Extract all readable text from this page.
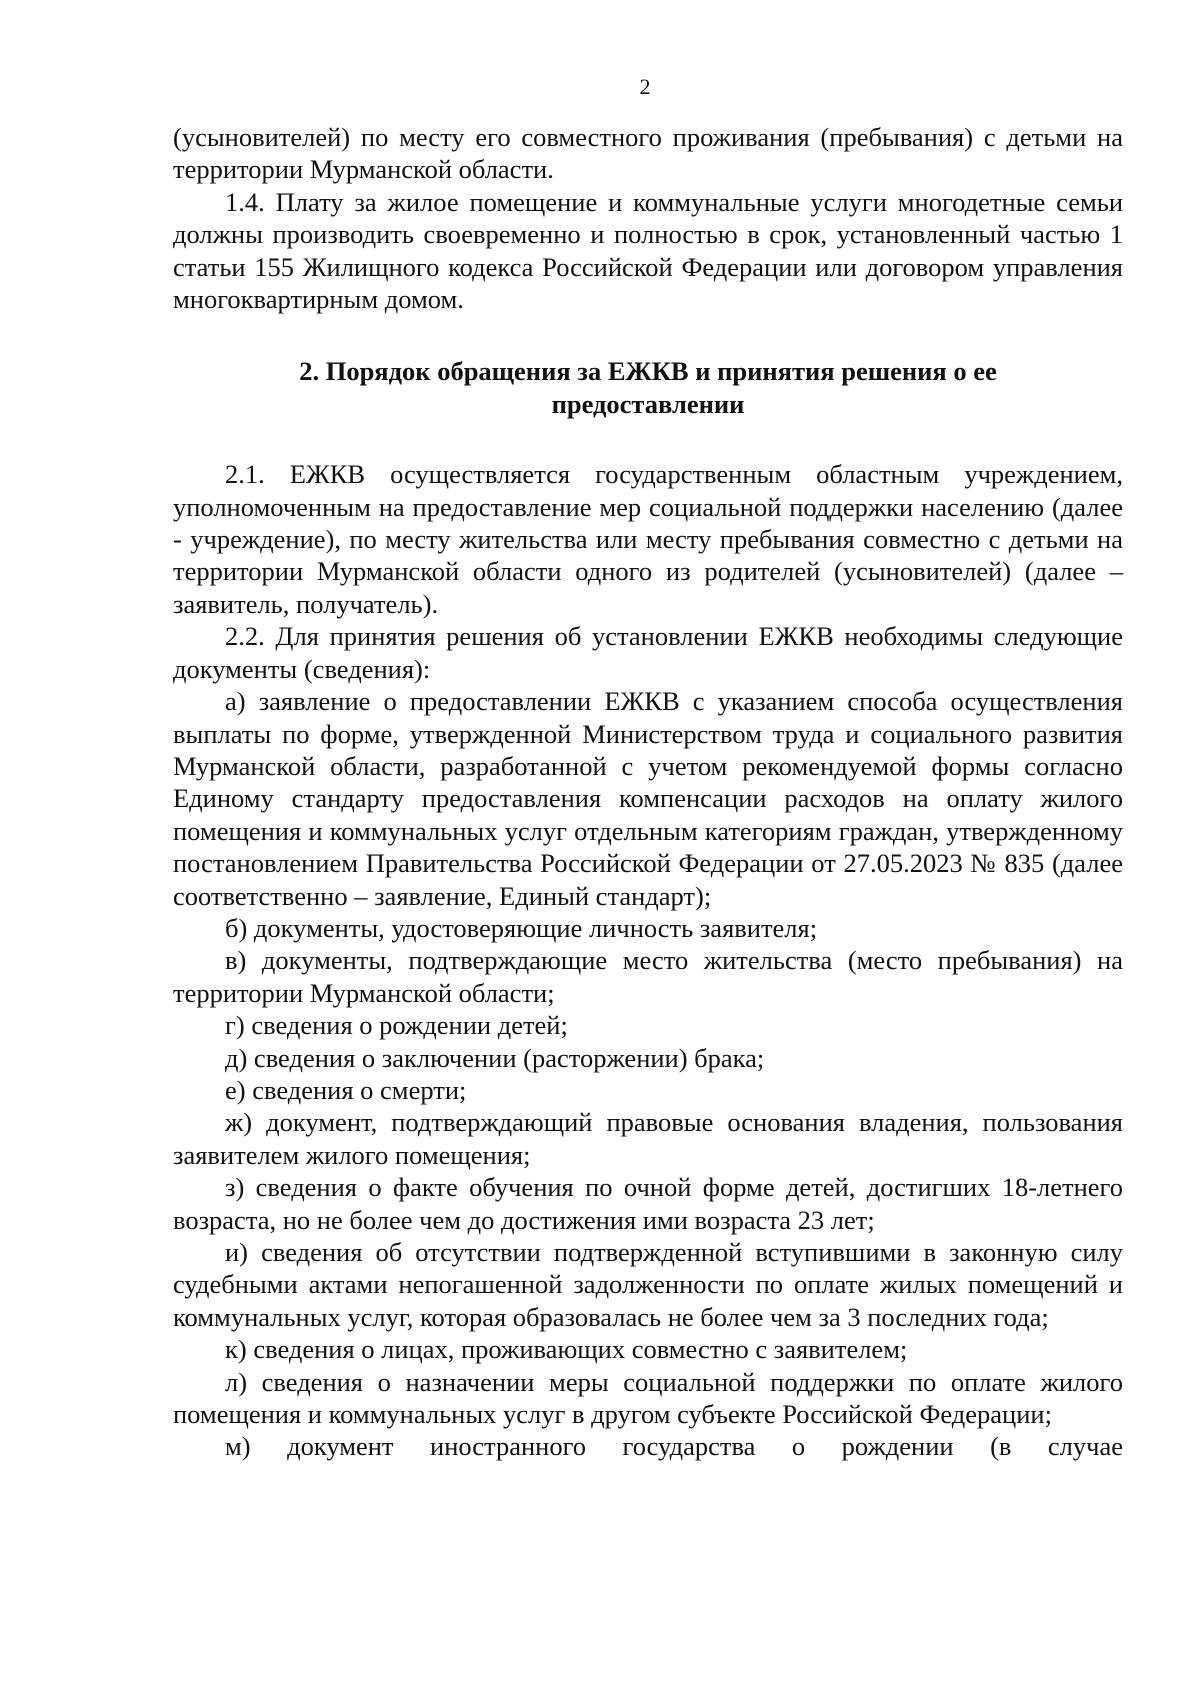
2

(усыновителей) по месту его совместного проживания (пребывания) с детьми на территории Мурманской области.

1.4. Плату за жилое помещение и коммунальные услуги многодетные семьи должны производить своевременно и полностью в срок, установленный частью 1 статьи 155 Жилищного кодекса Российской Федерации или договором управления многоквартирным домом.

2. Порядок обращения за ЕЖКВ и принятия решения о ее
предоставлении

2.1. ЕЖКВ осуществляется государственным областным учреждением, уполномоченным на предоставление мер социальной поддержки населению (далее - учреждение), по месту жительства или месту пребывания совместно с детьми на территории Мурманской области одного из родителей (усыновителей) (далее – заявитель, получатель).

2.2. Для принятия решения об установлении ЕЖКВ необходимы следующие документы (сведения):

а) заявление о предоставлении ЕЖКВ с указанием способа осуществления выплаты по форме, утвержденной Министерством труда и социального развития Мурманской области, разработанной с учетом рекомендуемой формы согласно Единому стандарту предоставления компенсации расходов на оплату жилого помещения и коммунальных услуг отдельным категориям граждан, утвержденному постановлением Правительства Российской Федерации от 27.05.2023 № 835 (далее соответственно – заявление, Единый стандарт);

б) документы, удостоверяющие личность заявителя;

в) документы, подтверждающие место жительства (место пребывания) на территории Мурманской области;

г) сведения о рождении детей;

д) сведения о заключении (расторжении) брака;

е) сведения о смерти;

ж) документ, подтверждающий правовые основания владения, пользования заявителем жилого помещения;

з) сведения о факте обучения по очной форме детей, достигших 18-летнего возраста, но не более чем до достижения ими возраста 23 лет;

и) сведения об отсутствии подтвержденной вступившими в законную силу судебными актами непогашенной задолженности по оплате жилых помещений и коммунальных услуг, которая образовалась не более чем за 3 последних года;

к) сведения о лицах, проживающих совместно с заявителем;

л) сведения о назначении меры социальной поддержки по оплате жилого помещения и коммунальных услуг в другом субъекте Российской Федерации;

м) документ иностранного государства о рождении (в случае
